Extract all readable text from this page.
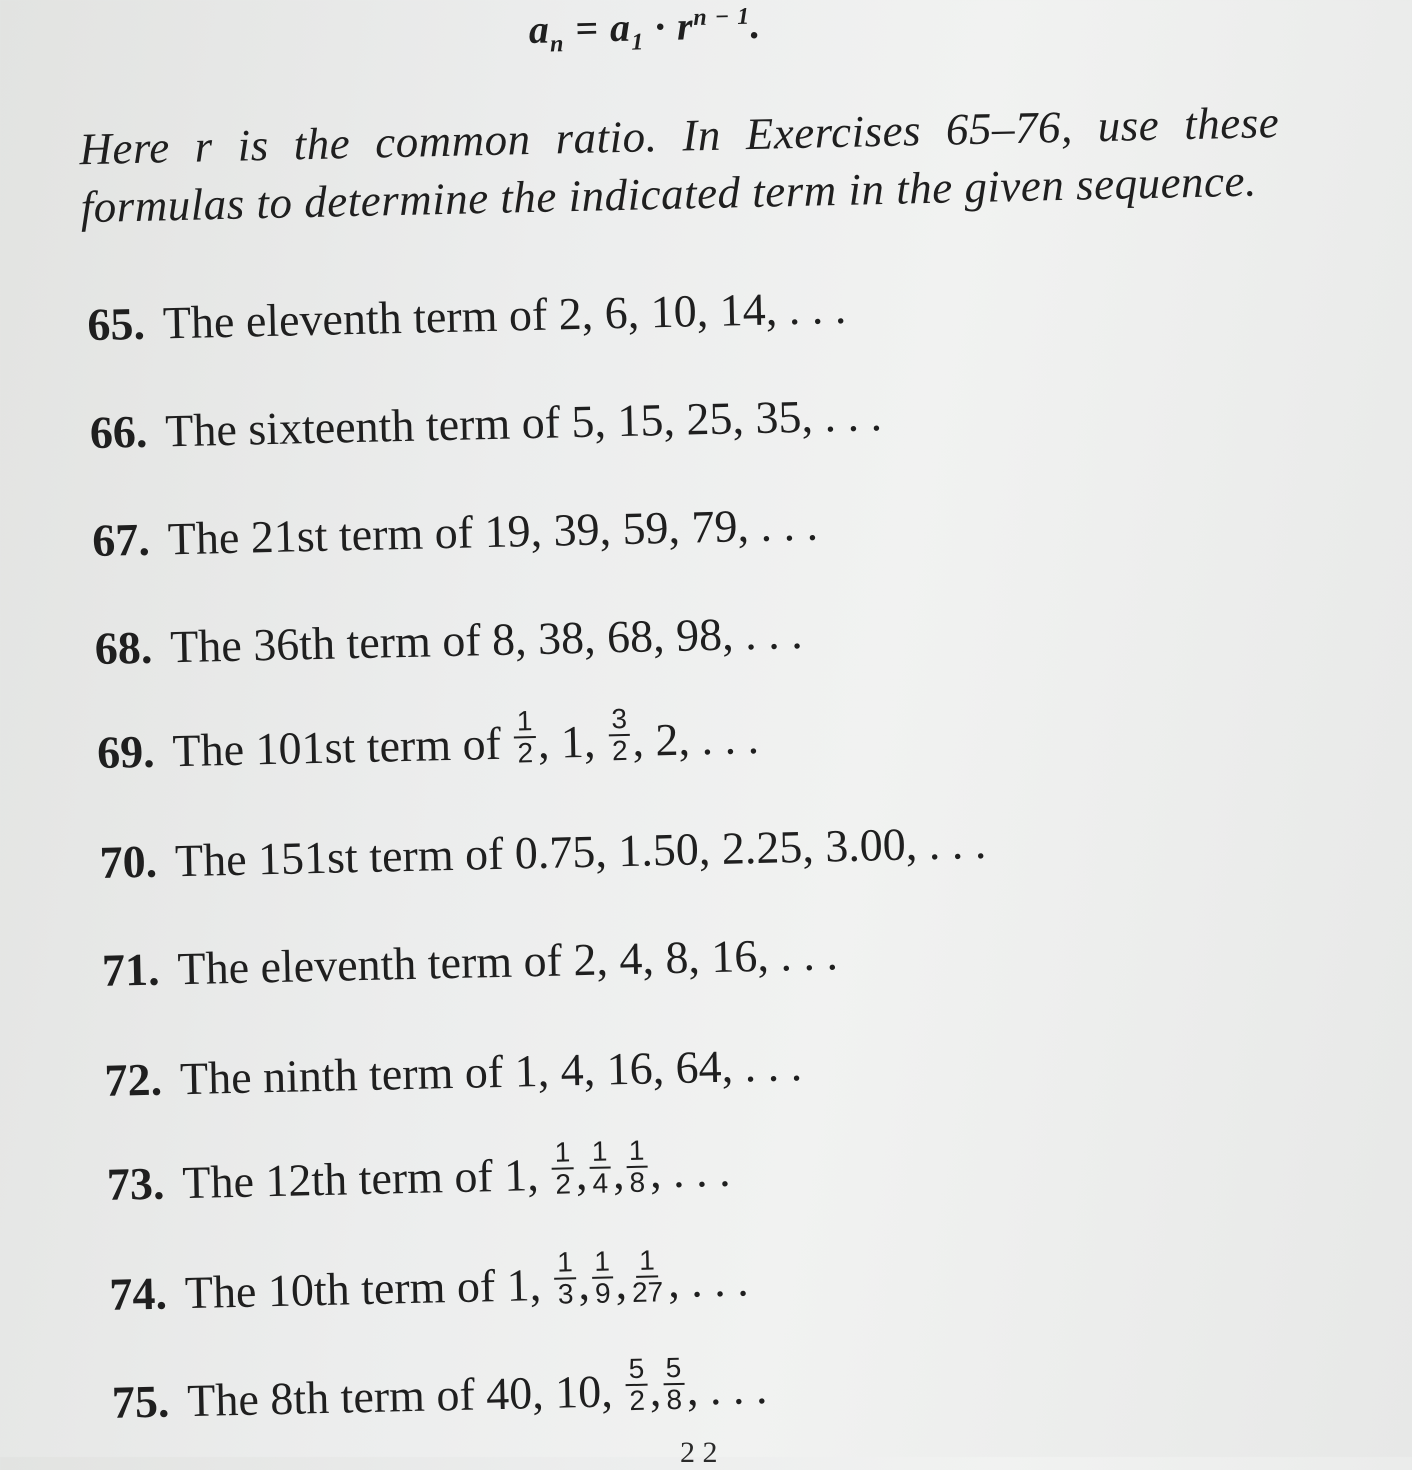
$a_n = a_1 \cdot r^{n - 1}$.
Here r is the common ratio. In Exercises 65–76, use these formulas to determine the indicated term in the given sequence.
65. The eleventh term of 2, 6, 10, 14, . . .
66. The sixteenth term of 5, 15, 25, 35, . . .
67. The 21st term of 19, 39, 59, 79, . . .
68. The 36th term of 8, 38, 68, 98, . . .
69. The 101st term of $\frac{1}{2}$ , 1, $\frac{3}{2}$ , 2, . . .
70. The 151st term of 0.75, 1.50, 2.25, 3.00, . . .
71. The eleventh term of 2, 4, 8, 16, . . .
72. The ninth term of 1, 4, 16, 64, . . .
73. The 12th term of 1, $\frac{1}{2}$ , $\frac{1}{4}$ , $\frac{1}{8}$ , . . .
74. The 10th term of 1, $\frac{1}{3}$ , $\frac{1}{9}$ , $\frac{1}{27}$ , . . .
75. The 8th term of 40, 10, $\frac{5}{2}$ , $\frac{5}{8}$ , . . .
2 2
